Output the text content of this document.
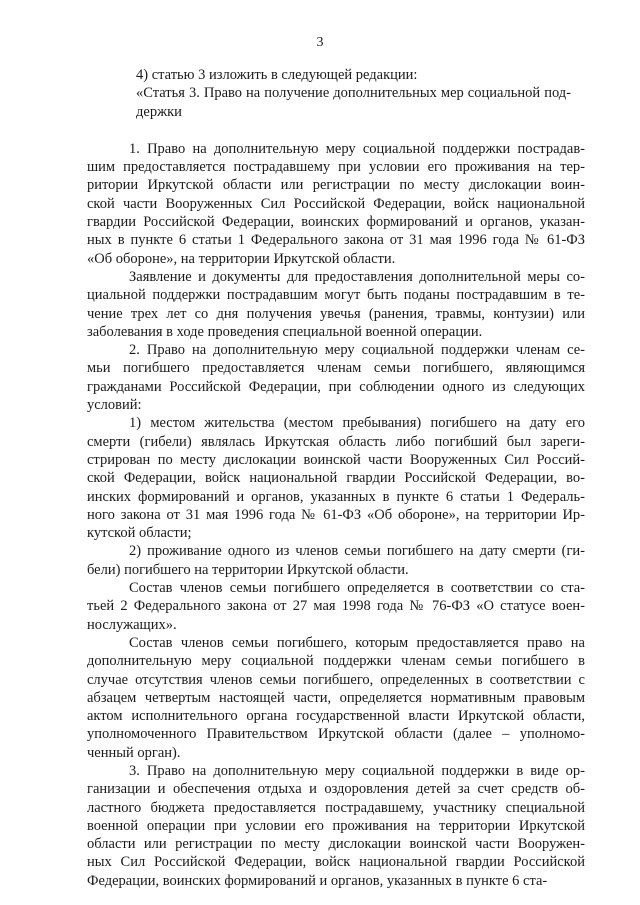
3

4) статью 3 изложить в следующей редакции:

«Статья 3. Право на получение дополнительных мер социальной под-
держки
1. Право на дополнительную меру социальной поддержки пострадав-
шим предоставляется пострадавшему при условии его проживания на тер-
ритории Иркутской области или регистрации по месту дислокации воин-
ской части Вооруженных Сил Российской Федерации, войск национальной
гвардии Российской Федерации, воинских формирований и органов, указан-
ных в пункте 6 статьи 1 Федерального закона от 31 мая 1996 года № 61-ФЗ
«Об обороне», на территории Иркутской области.
Заявление и документы для предоставления дополнительной меры со-
циальной поддержки пострадавшим могут быть поданы пострадавшим в те-
чение трех лет со дня получения увечья (ранения, травмы, контузии) или
заболевания в ходе проведения специальной военной операции.
2. Право на дополнительную меру социальной поддержки членам се-
мьи погибшего предоставляется членам семьи погибшего, являющимся
гражданами Российской Федерации, при соблюдении одного из следующих
условий:
1) местом жительства (местом пребывания) погибшего на дату его
смерти (гибели) являлась Иркутская область либо погибший был зареги-
стрирован по месту дислокации воинской части Вооруженных Сил Россий-
ской Федерации, войск национальной гвардии Российской Федерации, во-
инских формирований и органов, указанных в пункте 6 статьи 1 Федераль-
ного закона от 31 мая 1996 года № 61-ФЗ «Об обороне», на территории Ир-
кутской области;
2) проживание одного из членов семьи погибшего на дату смерти (ги-
бели) погибшего на территории Иркутской области.
Состав членов семьи погибшего определяется в соответствии со ста-
тьей 2 Федерального закона от 27 мая 1998 года № 76-ФЗ «О статусе воен-
нослужащих».
Состав членов семьи погибшего, которым предоставляется право на
дополнительную меру социальной поддержки членам семьи погибшего в
случае отсутствия членов семьи погибшего, определенных в соответствии с
абзацем четвертым настоящей части, определяется нормативным правовым
актом исполнительного органа государственной власти Иркутской области,
уполномоченного Правительством Иркутской области (далее – уполномо-
ченный орган).
3. Право на дополнительную меру социальной поддержки в виде ор-
ганизации и обеспечения отдыха и оздоровления детей за счет средств об-
ластного бюджета предоставляется пострадавшему, участнику специальной
военной операции при условии его проживания на территории Иркутской
области или регистрации по месту дислокации воинской части Вооружен-
ных Сил Российской Федерации, войск национальной гвардии Российской
Федерации, воинских формирований и органов, указанных в пункте 6 ста-
